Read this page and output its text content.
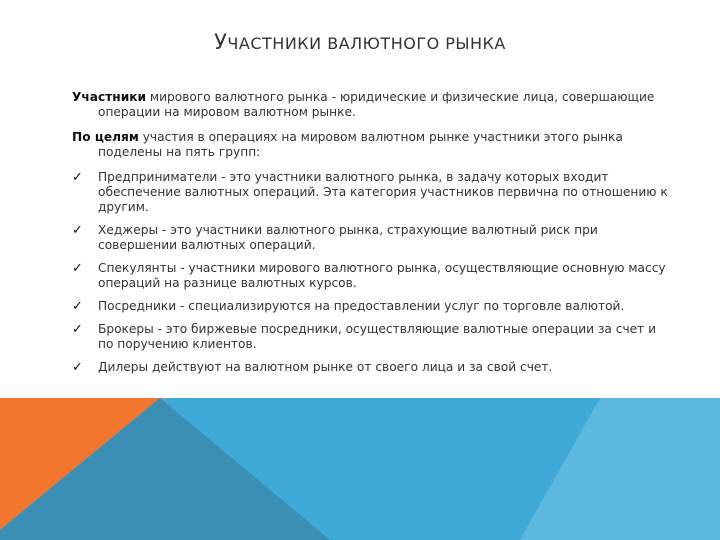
УЧАСТНИКИ ВАЛЮТНОГО РЫНКА

Участники мирового валютного рынка - юридические и физические лица, совершающие
операции на мировом валютном рынке.

По целям участия в операциях на мировом валютном рынке участники этого рынка
поделены на пять групп:

✓ Предприниматели - это участники валютного рынка, в задачу которых входит обеспечение валютных операций. Эта категория участников первична по отношению к другим.
✓ Хеджеры - это участники валютного рынка, страхующие валютный риск при совершении валютных операций.
✓ Спекулянты - участники мирового валютного рынка, осуществляющие основную массу операций на разнице валютных курсов.
✓ Посредники - специализируются на предоставлении услуг по торговле валютой.
✓ Брокеры - это биржевые посредники, осуществляющие валютные операции за счет и по поручению клиентов.
✓ Дилеры действуют на валютном рынке от своего лица и за свой счет.
